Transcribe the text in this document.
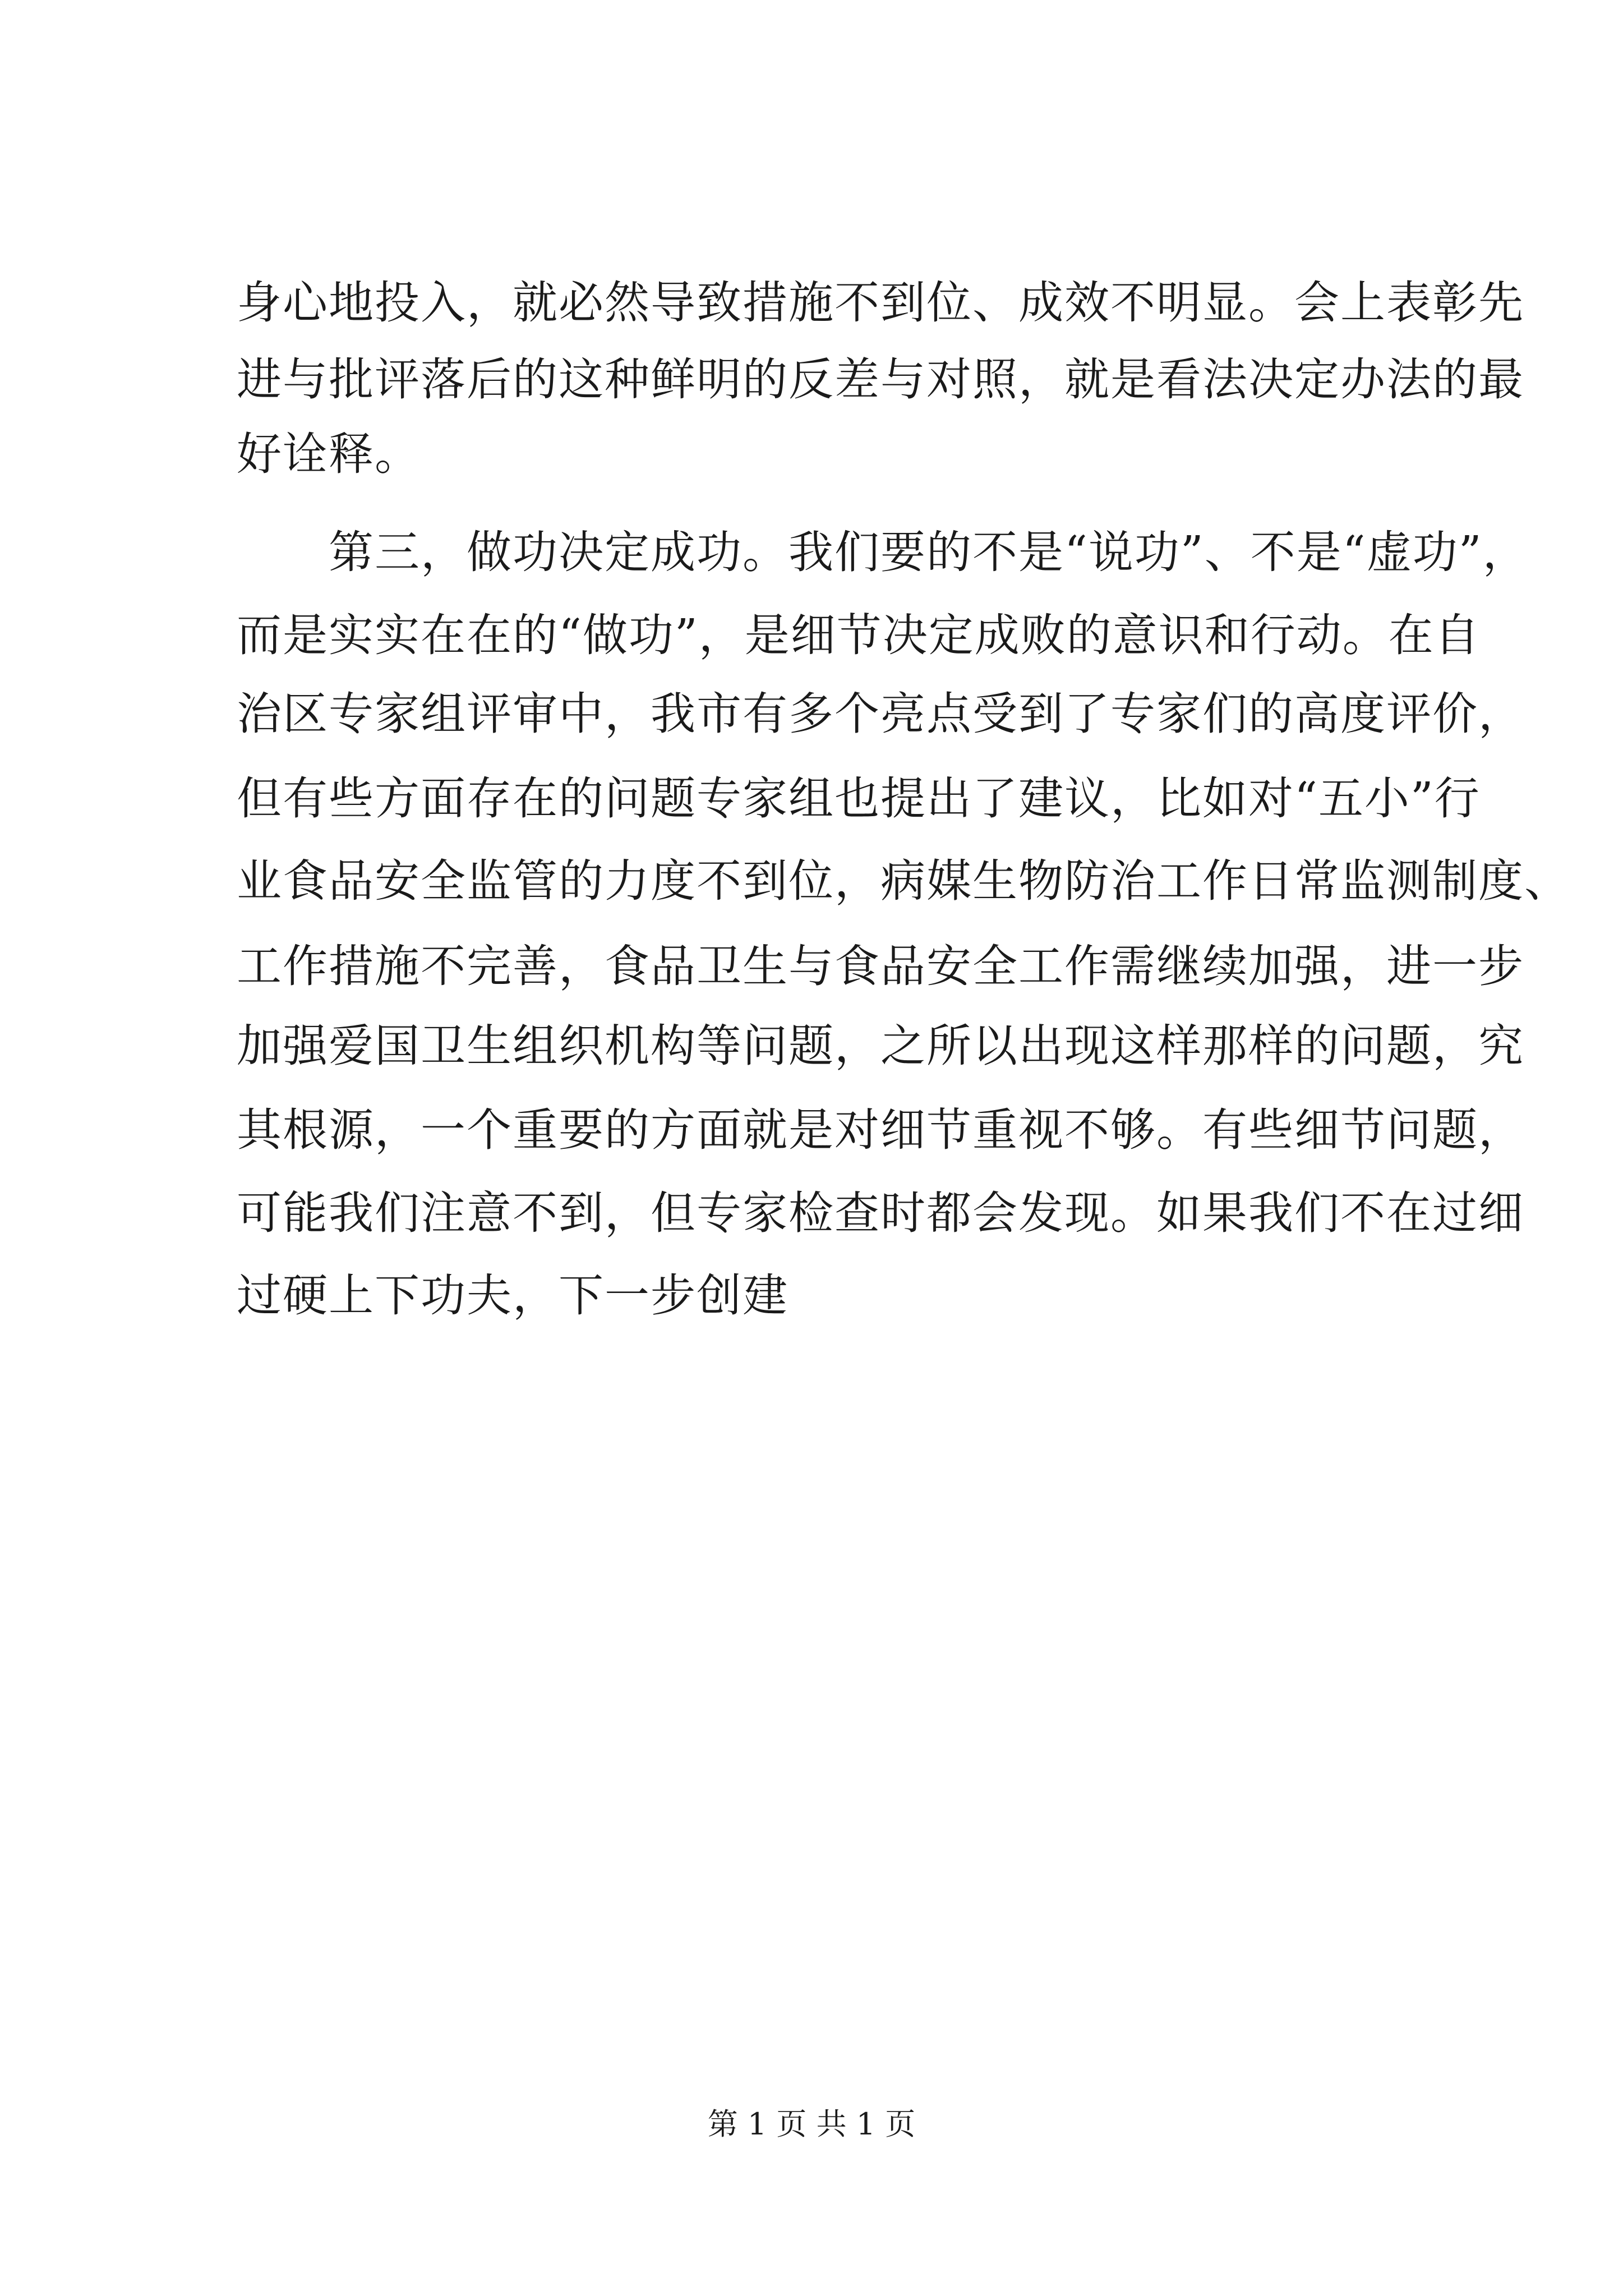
身心地投入，就必然导致措施不到位、成效不明显。会上表彰先

进与批评落后的这种鲜明的反差与对照，就是看法决定办法的最

好诠释。

　　第三，做功决定成功。我们要的不是“说功”、不是“虚功”，

而是实实在在的“做功”，是细节决定成败的意识和行动。在自

治区专家组评审中，我市有多个亮点受到了专家们的高度评价，

但有些方面存在的问题专家组也提出了建议，比如对“五小”行

业食品安全监管的力度不到位，病媒生物防治工作日常监测制度、

工作措施不完善，食品卫生与食品安全工作需继续加强，进一步

加强爱国卫生组织机构等问题，之所以出现这样那样的问题，究

其根源，一个重要的方面就是对细节重视不够。有些细节问题，

可能我们注意不到，但专家检查时都会发现。如果我们不在过细

过硬上下功夫，下一步创建

第 1 页 共 1 页
